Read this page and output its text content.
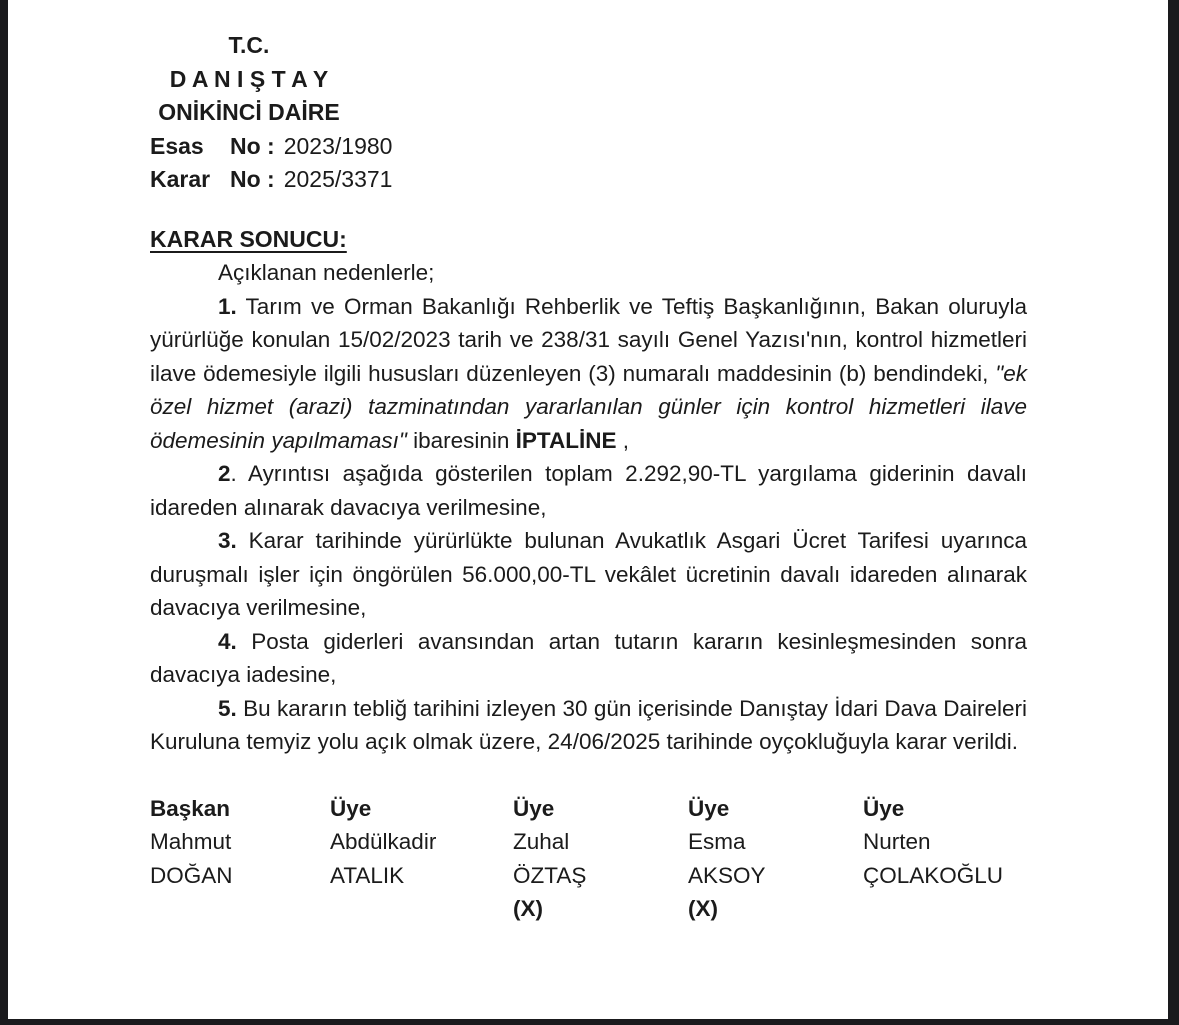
T.C.
D A N I Ş T A Y
ONİKİNCİ DAİRE
Esas	No : 2023/1980
Karar No : 2025/3371
KARAR SONUCU:

Açıklanan nedenlerle;

1. Tarım ve Orman Bakanlığı Rehberlik ve Teftiş Başkanlığının, Bakan oluruyla yürürlüğe konulan 15/02/2023 tarih ve 238/31 sayılı Genel Yazısı'nın, kontrol hizmetleri ilave ödemesiyle ilgili hususları düzenleyen (3) numaralı maddesinin (b) bendindeki, "ek özel hizmet (arazi) tazminatından yararlanılan günler için kontrol hizmetleri ilave ödemesinin yapılmaması" ibaresinin İPTALİNE ,

2. Ayrıntısı aşağıda gösterilen toplam 2.292,90-TL yargılama giderinin davalı idareden alınarak davacıya verilmesine,

3. Karar tarihinde yürürlükte bulunan Avukatlık Asgari Ücret Tarifesi uyarınca duruşmalı işler için öngörülen 56.000,00-TL vekâlet ücretinin davalı idareden alınarak davacıya verilmesine,

4. Posta giderleri avansından artan tutarın kararın kesinleşmesinden sonra davacıya iadesine,

5. Bu kararın tebliğ tarihini izleyen 30 gün içerisinde Danıştay İdari Dava Daireleri Kuruluna temyiz yolu açık olmak üzere, 24/06/2025 tarihinde oyçokluğuyla karar verildi.

Başkan
Mahmut
DOĞAN

Üye
Abdülkadir
ATALIK

Üye
Zuhal
ÖZTAŞ
(X)
Üye
Esma
AKSOY
(X)
Üye
Nurten
ÇOLAKOĞLU
